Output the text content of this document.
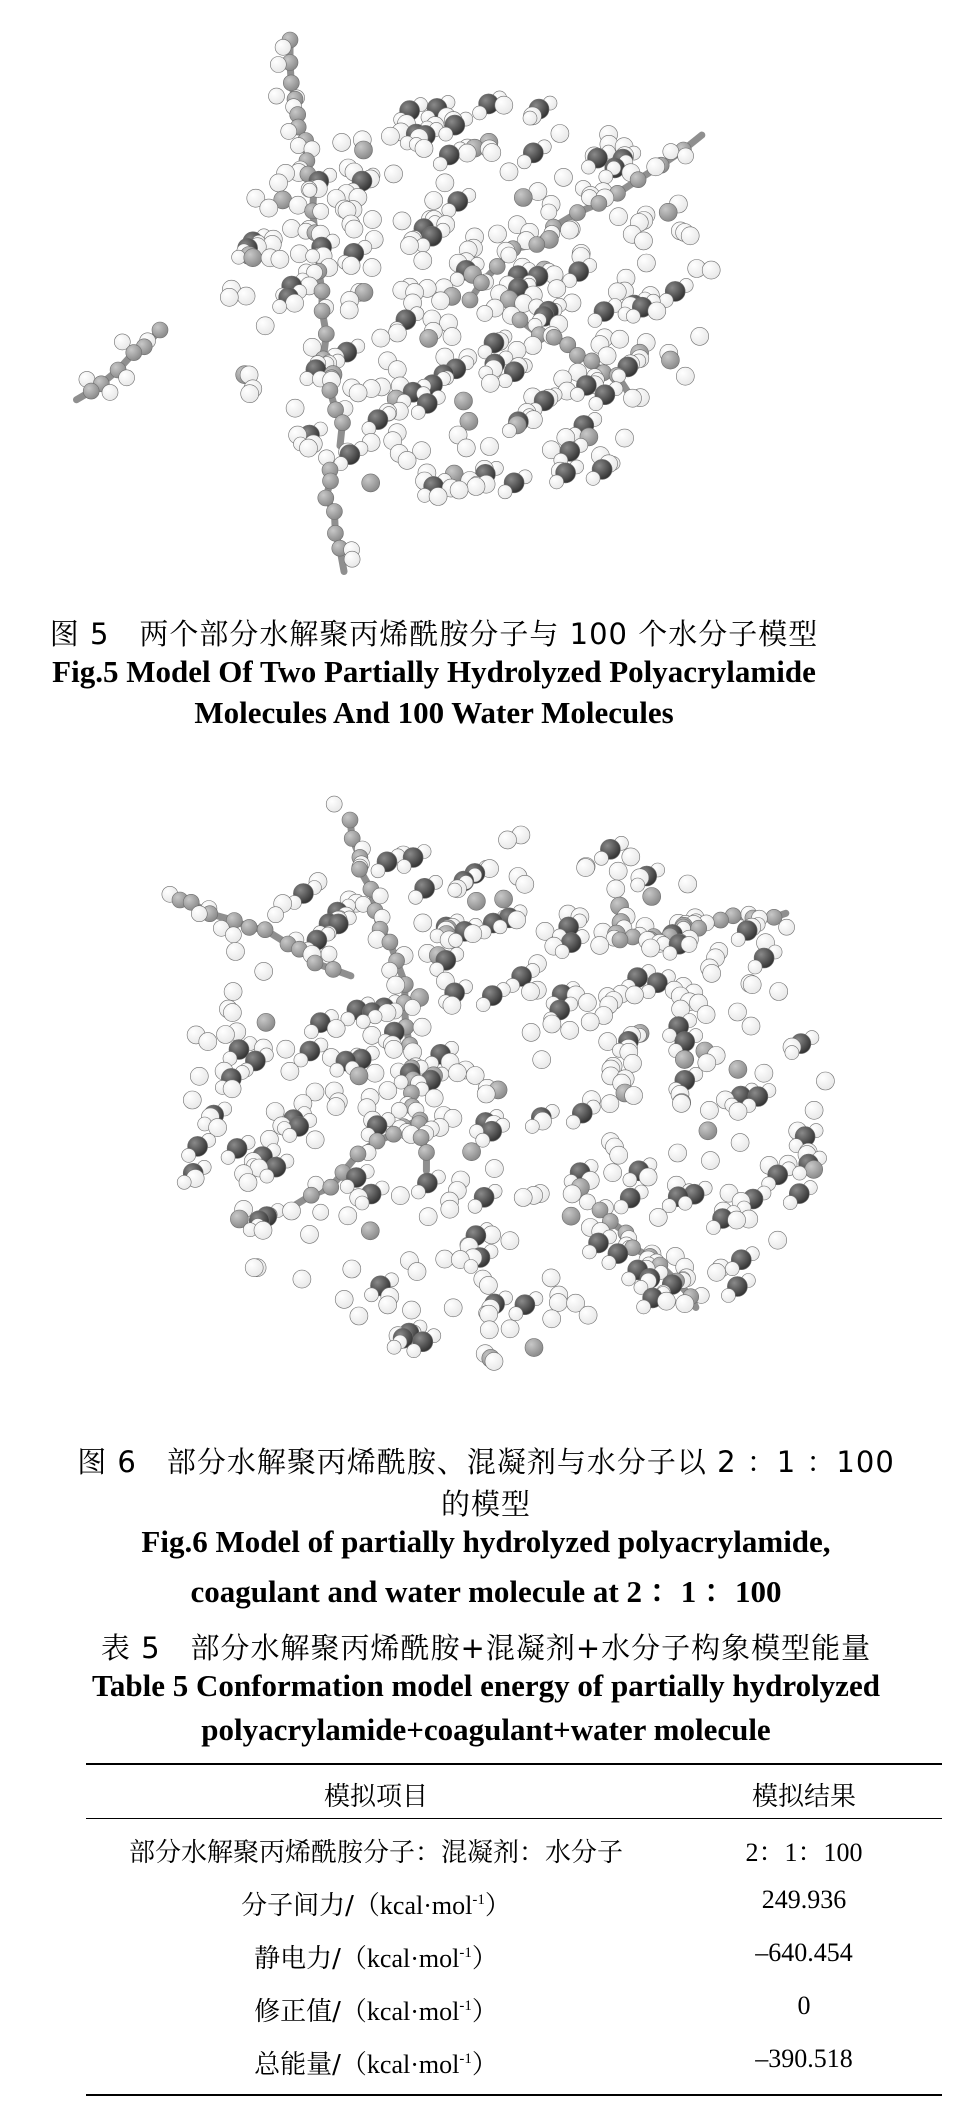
图 5　两个部分水解聚丙烯酰胺分子与 100 个水分子模型
Fig.5 Model Of Two Partially Hydrolyzed Polyacrylamide
Molecules And 100 Water Molecules
图 6　部分水解聚丙烯酰胺、混凝剂与水分子以 2 ：1 ：100
的模型
Fig.6 Model of partially hydrolyzed polyacrylamide,
coagulant and water molecule at 2 ：1 ：100
表 5　部分水解聚丙烯酰胺+混凝剂+水分子构象模型能量
Table 5 Conformation model energy of partially hydrolyzed
polyacrylamide+coagulant+water molecule
模拟项目	模拟结果
部分水解聚丙烯酰胺分子：混凝剂：水分子	2：1：100
分子间力/（kcal·mol$^{-1}$）	249.936
静电力/（kcal·mol$^{-1}$）	–640.454
修正值/（kcal·mol$^{-1}$）	0
总能量/（kcal·mol$^{-1}$）	–390.518
